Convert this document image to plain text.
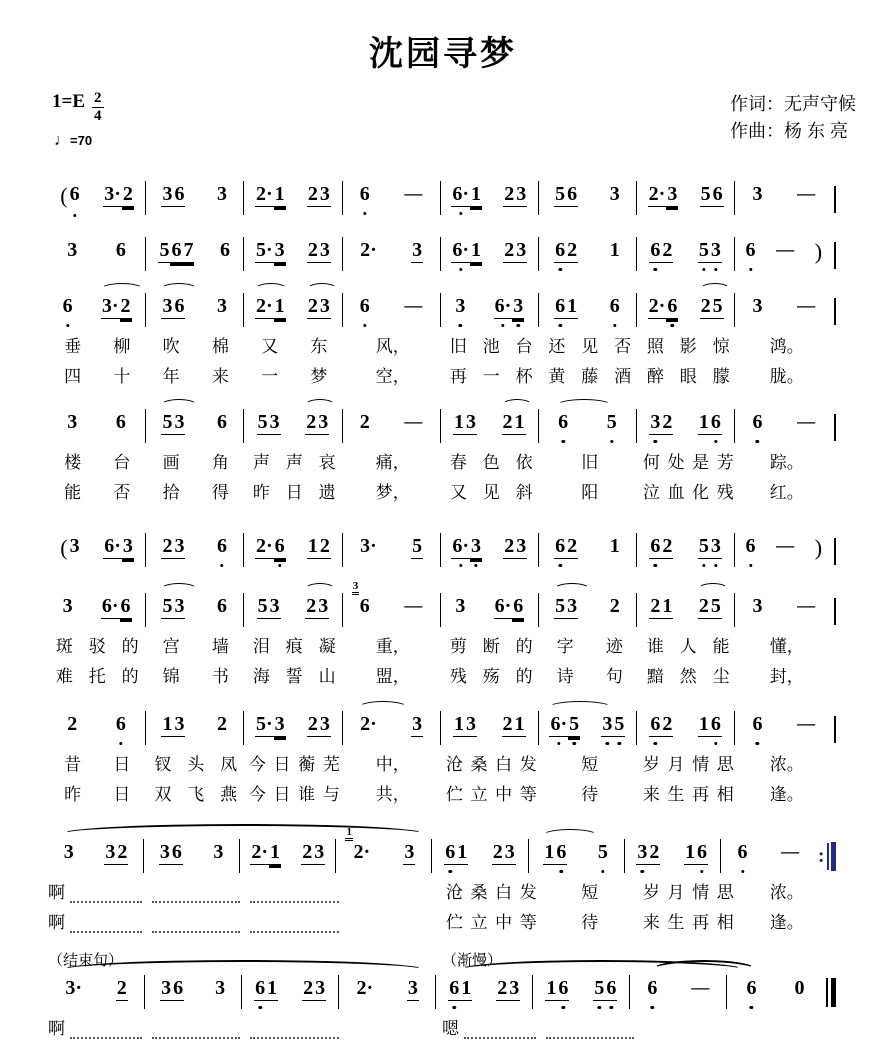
沈园寻梦
$1=E \frac{2}{4}$
♩=70
作词：无声守候
作曲：杨 东 亮
( 6 3· 2 3 6 3 2· 1 2 3 6 — 6· 1 2 3 5 6 3 2· 3 5 6 3 —
3 6 5 6 7 6 5· 3 2 3 2· 3 6· 1 2 3 6 2 1 6 2 5 3 6 — )
6 3· 2 3 6 3 2· 1 2 3 6 — 3 6· 3 6 1 6 2· 6 2 5 3 —
垂 柳 吹 棉 又 东	风， 旧 池 台 还 见 否 照 影 惊 鸿。
四 十 年 来 一 梦	空， 再 一 杯 黄 藤 酒 醉 眼 朦 胧。
3 6 5 3 6 5 3 2 3 2 — 1 3 2 1 6 5 3 2 1 6 6 —
楼 台 画 角 声 声 哀 痛， 春 色 依	旧	何 处 是 芳 踪。
能 否 拾 得 昨 日 遗 梦， 又 见 斜	阳	泣 血 化 残 红。
( 3 6· 3 2 3 6 2· 6 1 2 3· 5 6· 3 2 3 6 2 1 6 2 5 3 6 — )
3 6· 6 5 3 6 5 3 2 3 6
3
— 3 6· 6 5 3 2 2 1 2 5 3 —
斑 驳 的 宫 墙 泪 痕 凝 重， 剪 断 的 字 迹 谁 人 能 懂，
难 托 的 锦 书 海 誓 山 盟， 残 殇 的 诗 句 黯 然 尘 封，
2 6 1 3 2 5· 3 2 3 2· 3 1 3 2 1 6· 5 3 5 6 2 1 6 6 —
昔 日 钗 头 凤 今 日 蘅 芜 中， 沧 桑 白 发	短	岁 月 情 思 浓。
昨 日 双 飞 燕 今 日 谁 与 共， 伫 立 中 等	待	来 生 再 相 逢。
3 3 2 3 6 3 2· 1 2 3 2·
1
3 6 1 2 3 1 6 5 3 2 1 6 6 — :
啊	沧 桑 白 发	短	岁 月 情 思 浓。
啊	伫 立 中 等	待	来 生 再 相 逢。
（结束句）	（渐慢）
3· 2 3 6 3 6 1 2 3 2· 3 6 1 2 3 1 6 5 6 6 — 6 0
啊	嗯
